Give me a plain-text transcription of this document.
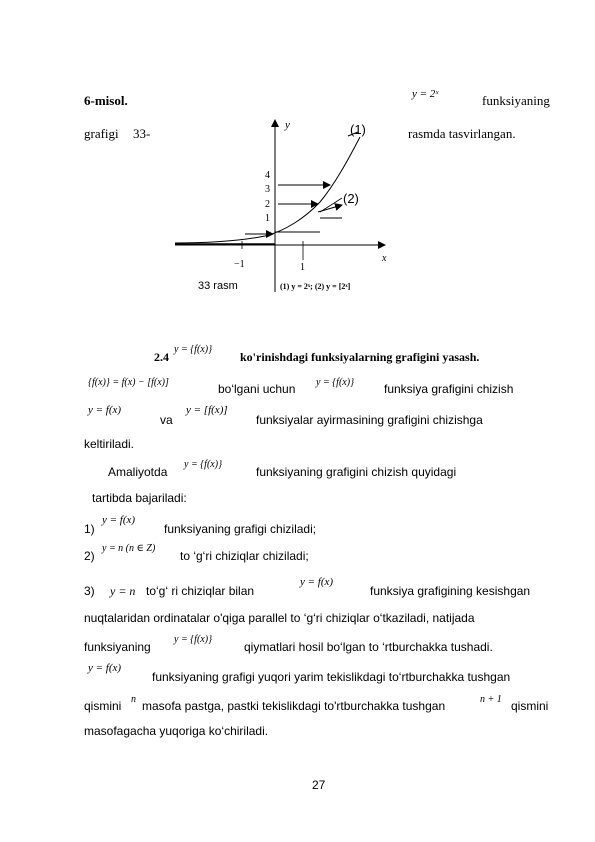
6-misol.	y = 2ˣ	funksiyaning
grafigi 33-	rasmda tasvirlangan.
y
x
4
3
2
1
−1	1
(1)
(2)
33 rasm	(1) y = 2ˣ; (2) y = [2ˣ]
2.4
y = {f(x)}
ko'rinishdagi funksiyalarning grafigini yasash.
{f(x)} = f(x) − [f(x)]	bo‘lgani uchun y = {f(x)} funksiya grafigini chizish
y = f(x)
va
y = [f(x)]
funksiyalar ayirmasining grafigini chizishga
keltiriladi.
Amaliyotda
y = {f(x)}
funksiyaning grafigini chizish quyidagi
tartibda bajariladi:
1)
y = f(x)
funksiyaning grafigi chiziladi;
2)
y = n (n ∈ Z)
to ‘g‘ri chiziqlar chiziladi;
3) y = n to‘g‘ ri chiziqlar bilan
y = f(x)
funksiya grafigining kesishgan
nuqtalaridan ordinatalar o'qiga parallel to ‘g‘ri chiziqlar o‘tkaziladi, natijada
funksiyaning
y = {f(x)}
qiymatlari hosil bo‘lgan to ‘rtburchakka tushadi.
y = f(x)
funksiyaning grafigi yuqori yarim tekislikdagi to‘rtburchakka tushgan
qismini n masofa pastga, pastki tekislikdagi to'rtburchakka tushgan	n + 1 qismini
masofagacha yuqoriga ko‘chiriladi.
27
